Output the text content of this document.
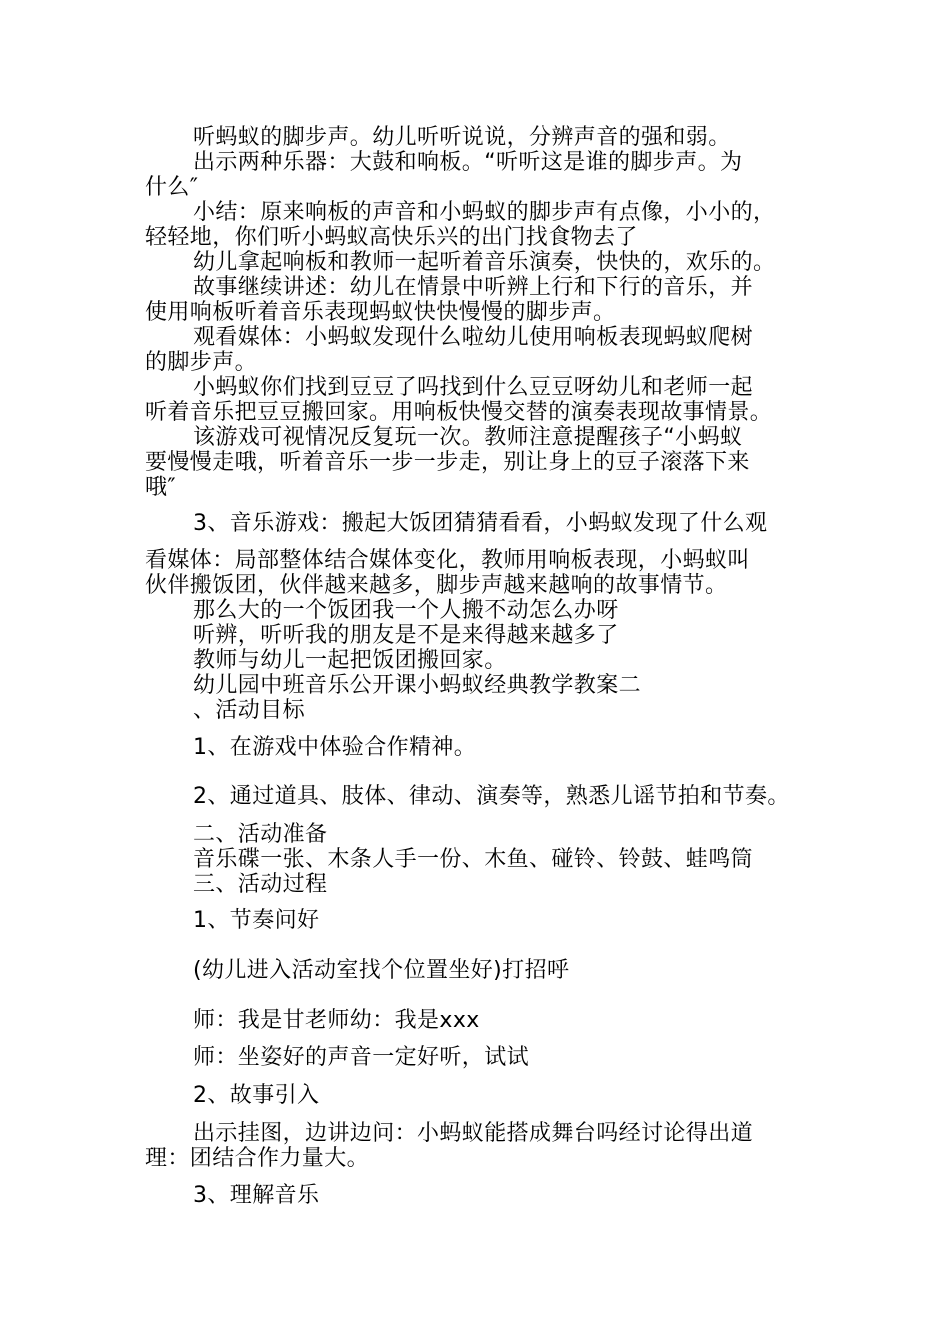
听蚂蚁的脚步声。幼儿听听说说，分辨声音的强和弱。

出示两种乐器：大鼓和响板。“听听这是谁的脚步声。为

什么″

小结：原来响板的声音和小蚂蚁的脚步声有点像，小小的，

轻轻地，你们听小蚂蚁高快乐兴的出门找食物去了

幼儿拿起响板和教师一起听着音乐演奏，快快的，欢乐的。

故事继续讲述：幼儿在情景中听辨上行和下行的音乐，并

使用响板听着音乐表现蚂蚁快快慢慢的脚步声。

观看媒体：小蚂蚁发现什么啦幼儿使用响板表现蚂蚁爬树

的脚步声。

小蚂蚁你们找到豆豆了吗找到什么豆豆呀幼儿和老师一起

听着音乐把豆豆搬回家。用响板快慢交替的演奏表现故事情景。

该游戏可视情况反复玩一次。教师注意提醒孩子“小蚂蚁

要慢慢走哦，听着音乐一步一步走，别让身上的豆子滚落下来

哦″

3、音乐游戏：搬起大饭团猜猜看看，小蚂蚁发现了什么观

看媒体：局部整体结合媒体变化，教师用响板表现，小蚂蚁叫

伙伴搬饭团，伙伴越来越多，脚步声越来越响的故事情节。

那么大的一个饭团我一个人搬不动怎么办呀

听辨，听听我的朋友是不是来得越来越多了

教师与幼儿一起把饭团搬回家。

幼儿园中班音乐公开课小蚂蚁经典教学教案二

、活动目标

1、在游戏中体验合作精神。

2、通过道具、肢体、律动、演奏等，熟悉儿谣节拍和节奏。

二、活动准备

音乐碟一张、木条人手一份、木鱼、碰铃、铃鼓、蛙鸣筒

三、活动过程

1、节奏问好

(幼儿进入活动室找个位置坐好)打招呼

师：我是甘老师幼：我是xxx

师：坐姿好的声音一定好听，试试

2、故事引入

出示挂图，边讲边问：小蚂蚁能搭成舞台吗经讨论得出道

理：团结合作力量大。

3、理解音乐
